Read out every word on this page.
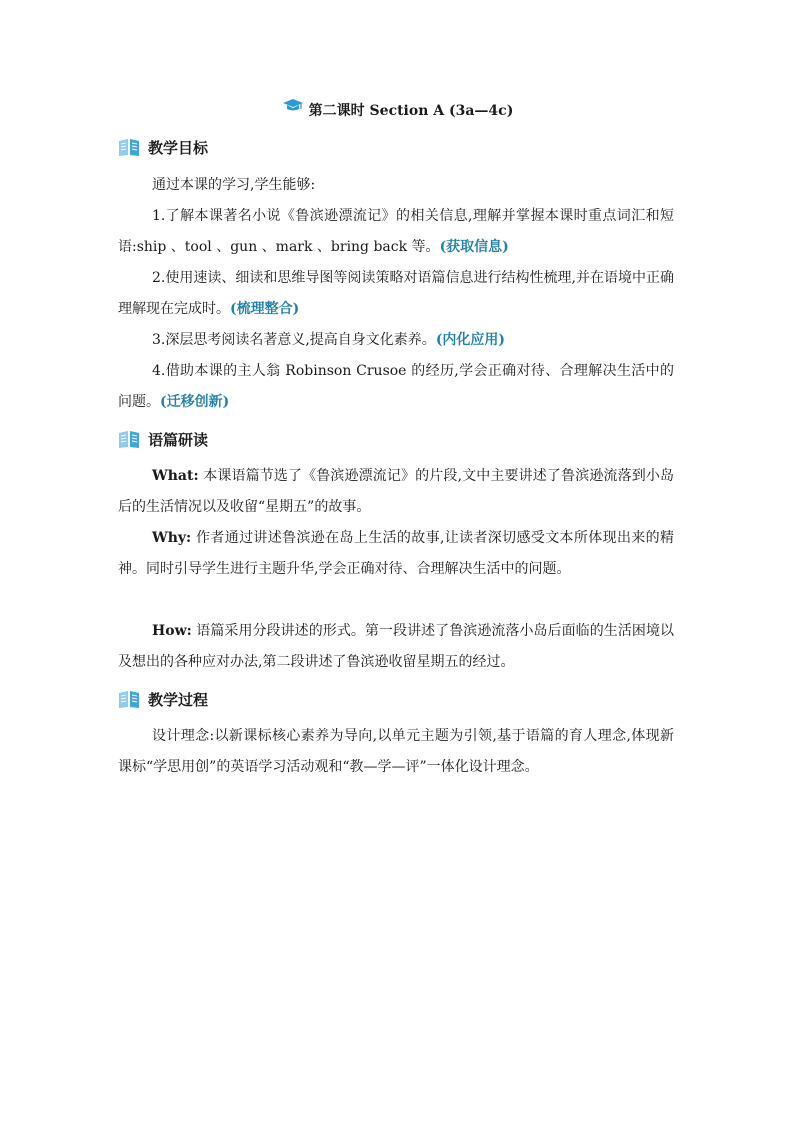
第二课时 Section A (3a—4c)
教学目标
通过本课的学习,学生能够:
1.了解本课著名小说《鲁滨逊漂流记》的相关信息,理解并掌握本课时重点词汇和短语:ship 、tool 、gun 、mark 、bring back 等。(获取信息)
2.使用速读、细读和思维导图等阅读策略对语篇信息进行结构性梳理,并在语境中正确理解现在完成时。(梳理整合)
3.深层思考阅读名著意义,提高自身文化素养。(内化应用)
4.借助本课的主人翁 Robinson Crusoe 的经历,学会正确对待、合理解决生活中的问题。(迁移创新)
语篇研读
What: 本课语篇节选了《鲁滨逊漂流记》的片段,文中主要讲述了鲁滨逊流落到小岛后的生活情况以及收留“星期五”的故事。
Why: 作者通过讲述鲁滨逊在岛上生活的故事,让读者深切感受文本所体现出来的精神。同时引导学生进行主题升华,学会正确对待、合理解决生活中的问题。
How: 语篇采用分段讲述的形式。第一段讲述了鲁滨逊流落小岛后面临的生活困境以及想出的各种应对办法,第二段讲述了鲁滨逊收留星期五的经过。
教学过程
设计理念:以新课标核心素养为导向,以单元主题为引领,基于语篇的育人理念,体现新课标“学思用创”的英语学习活动观和“教—学—评”一体化设计理念。
